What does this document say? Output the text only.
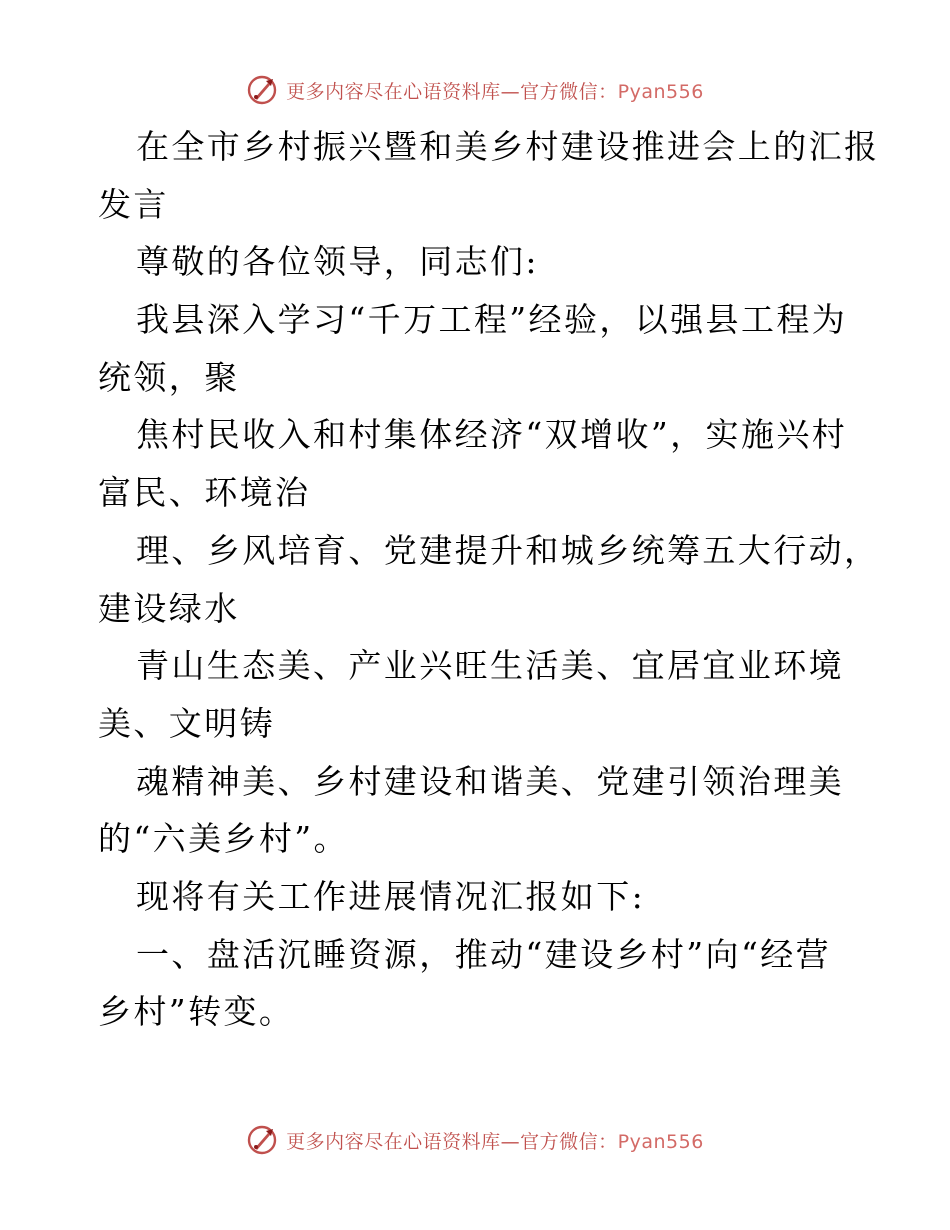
更多内容尽在心语资料库—官方微信：Pyan556
在全市乡村振兴暨和美乡村建设推进会上的汇报
发言
尊敬的各位领导，同志们:
我县深入学习“千万工程”经验，以强县工程为
统领，聚
焦村民收入和村集体经济“双增收”，实施兴村
富民、环境治
理、乡风培育、党建提升和城乡统筹五大行动，
建设绿水
青山生态美、产业兴旺生活美、宜居宜业环境
美、文明铸
魂精神美、乡村建设和谐美、党建引领治理美
的“六美乡村”。
现将有关工作进展情况汇报如下:
一、盘活沉睡资源，推动“建设乡村”向“经营
乡村”转变。
更多内容尽在心语资料库—官方微信：Pyan556
